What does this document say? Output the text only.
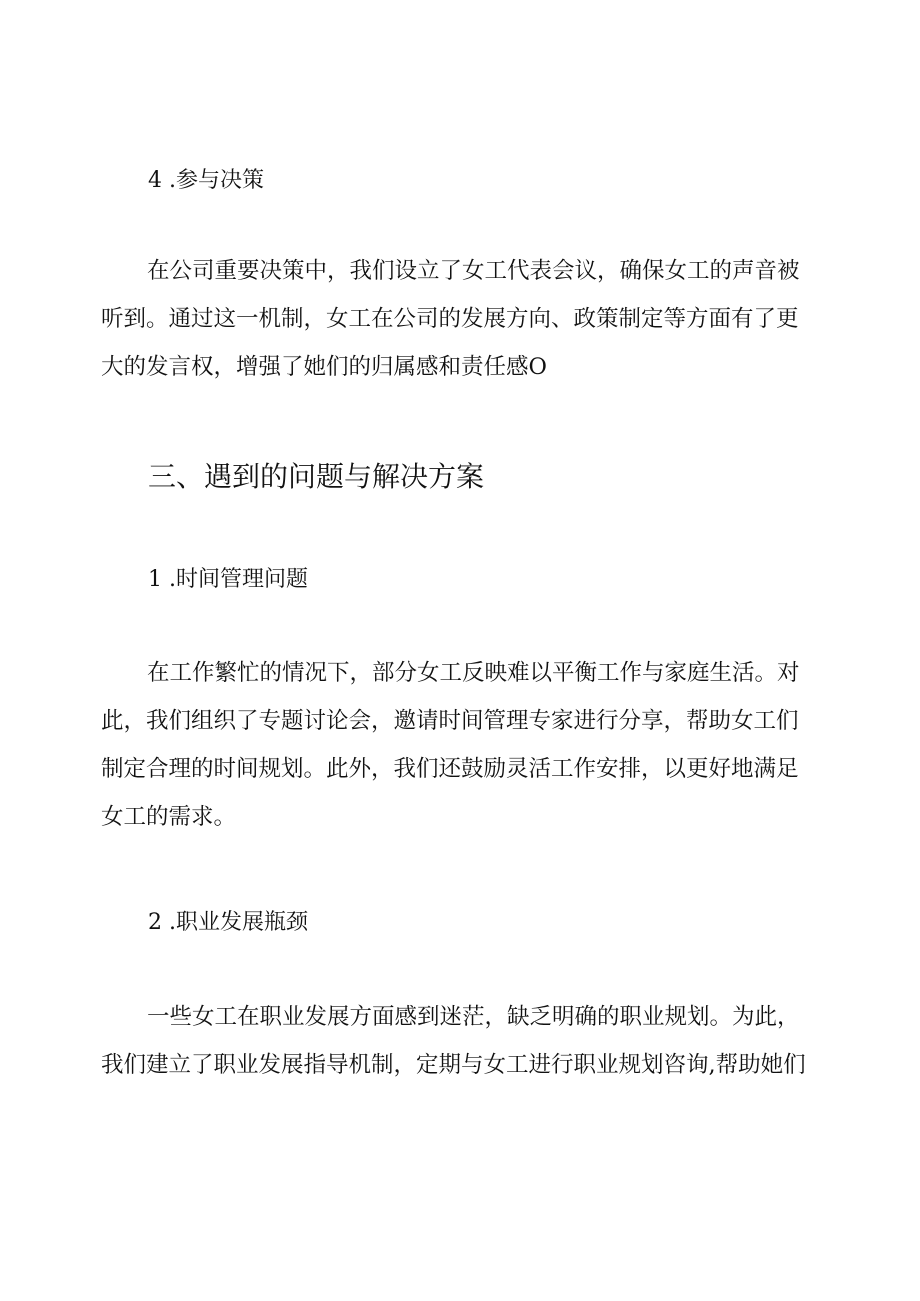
4 .参与决策

在公司重要决策中，我们设立了女工代表会议，确保女工的声音被
听到。通过这一机制，女工在公司的发展方向、政策制定等方面有了更
大的发言权，增强了她们的归属感和责任感O
三、遇到的问题与解决方案

1 .时间管理问题

在工作繁忙的情况下，部分女工反映难以平衡工作与家庭生活。对
此，我们组织了专题讨论会，邀请时间管理专家进行分享，帮助女工们
制定合理的时间规划。此外，我们还鼓励灵活工作安排，以更好地满足
女工的需求。

2 .职业发展瓶颈

一些女工在职业发展方面感到迷茫，缺乏明确的职业规划。为此，
我们建立了职业发展指导机制，定期与女工进行职业规划咨询,帮助她们
